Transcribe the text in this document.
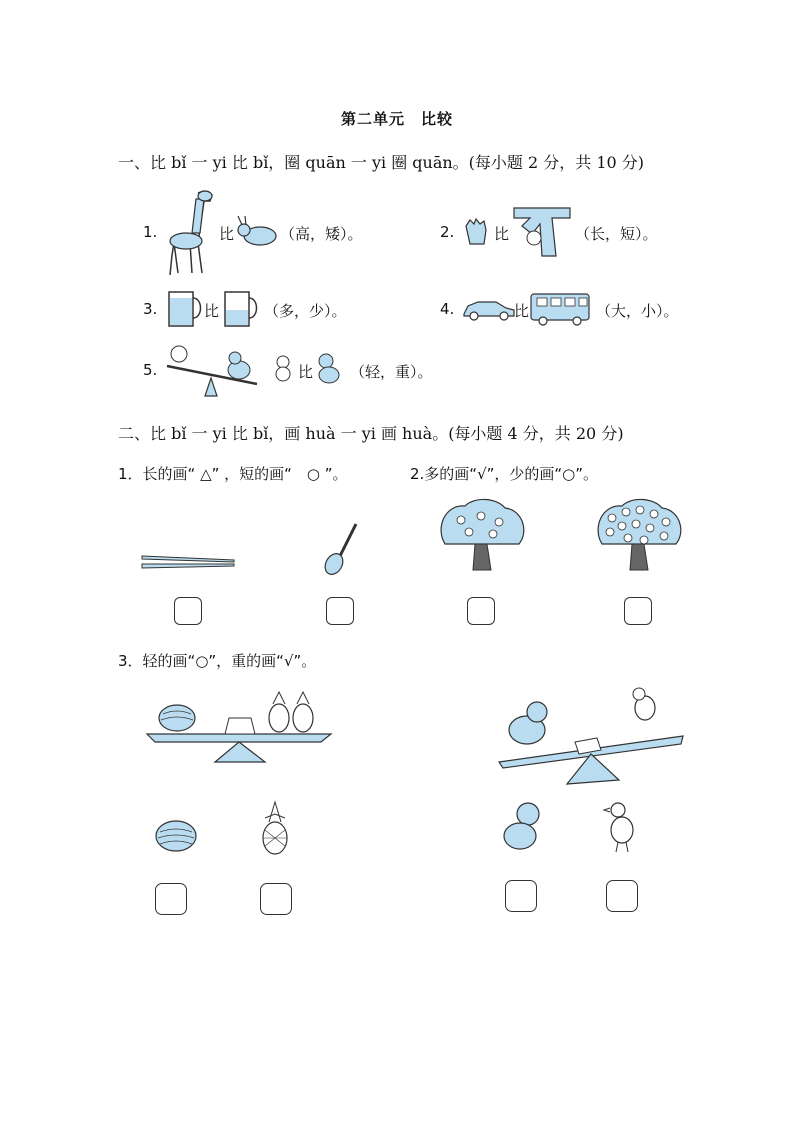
第二单元　比较
一、比 bǐ 一 yi 比 bǐ，圈 quān 一 yi 圈 quān。(每小题 2 分，共 10 分)
1.	比	（高，矮）。	2.	比	（长，短）。
3.	比	（多，少）。	4.	比	（大，小）。
5.	比 （轻，重）。
二、比 bǐ 一 yi 比 bǐ，画 huà 一 yi 画 huà。(每小题 4 分，共 20 分)
1．长的画“ △” ，短的画“　○ ”。	2.多的画“√”，少的画“○”。
3．轻的画“○”，重的画“√”。
